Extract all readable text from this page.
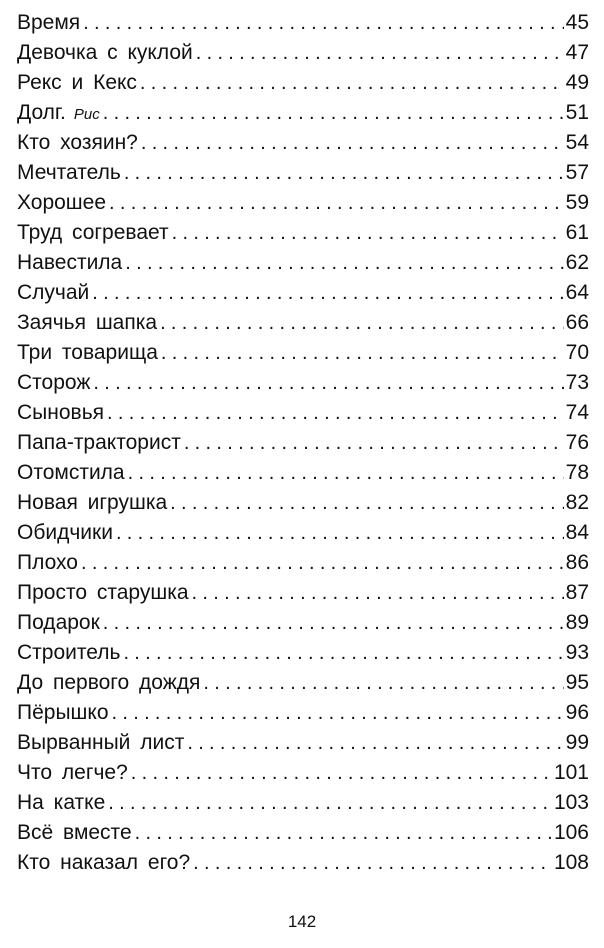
Время .....	45
Девочка с куклой .....	47
Рекс и Кекс .....	49
Долг. Рис .....	51
Кто хозяин? .....	54
Мечтатель .....	57
Хорошее .....	59
Труд согревает .....	61
Навестила .....	62
Случай .....	64
Заячья шапка .....	66
Три товарища .....	70
Сторож .....	73
Сыновья .....	74
Папа-тракторист .....	76
Отомстила .....	78
Новая игрушка .....	82
Обидчики .....	84
Плохо .....	86
Просто старушка .....	87
Подарок .....	89
Строитель .....	93
До первого дождя .....	95
Пёрышко .....	96
Вырванный лист .....	99
Что легче? .....	101
На катке .....	103
Всё вместе .....	106
Кто наказал его? .....	108
142
